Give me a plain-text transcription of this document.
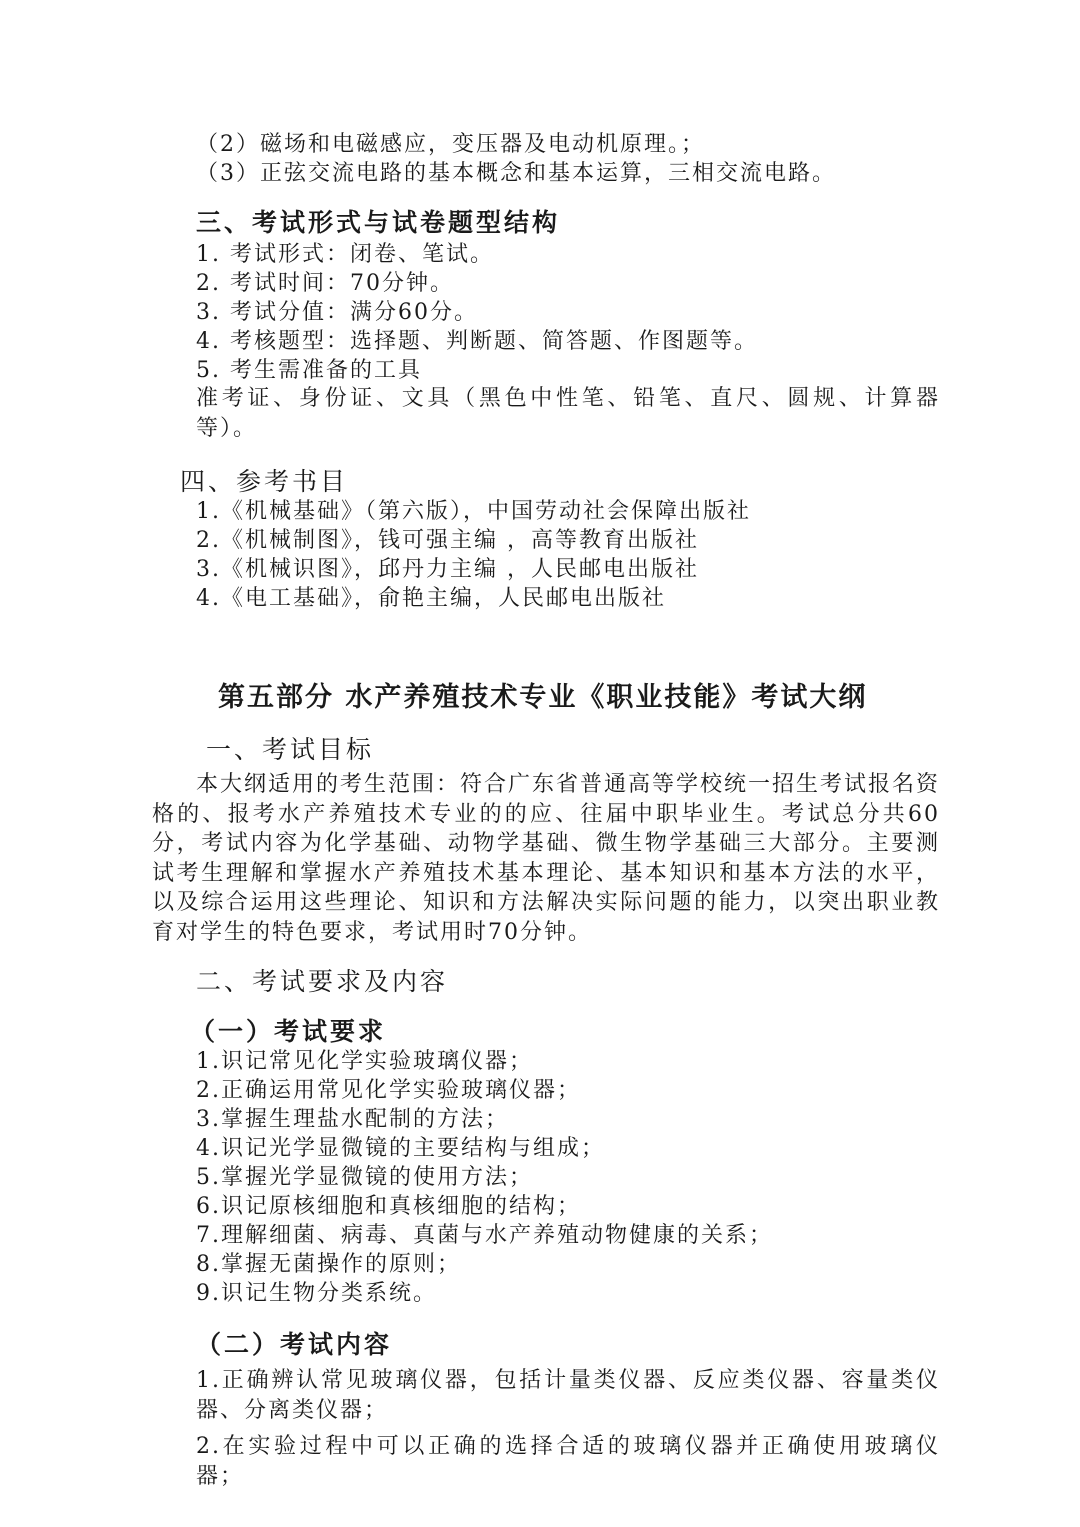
（2）磁场和电磁感应，变压器及电动机原理。；
（3）正弦交流电路的基本概念和基本运算，三相交流电路。
三、考试形式与试卷题型结构
1. 考试形式：闭卷、笔试。
2. 考试时间：70分钟。
3. 考试分值：满分60分。
4. 考核题型：选择题、判断题、简答题、作图题等。
5. 考生需准备的工具
准考证、身份证、文具（黑色中性笔、铅笔、直尺、圆规、计算器等）。
四、参考书目
1.《机械基础》（第六版），中国劳动社会保障出版社
2.《机械制图》，钱可强主编 ，高等教育出版社
3.《机械识图》，邱丹力主编 ，人民邮电出版社
4.《电工基础》，俞艳主编，人民邮电出版社
第五部分 水产养殖技术专业《职业技能》考试大纲
一、考试目标
本大纲适用的考生范围：符合广东省普通高等学校统一招生考试报名资格的、报考水产养殖技术专业的的应、往届中职毕业生。考试总分共60分，考试内容为化学基础、动物学基础、微生物学基础三大部分。主要测试考生理解和掌握水产养殖技术基本理论、基本知识和基本方法的水平，以及综合运用这些理论、知识和方法解决实际问题的能力，以突出职业教育对学生的特色要求，考试用时70分钟。
二、考试要求及内容
（一）考试要求
1.识记常见化学实验玻璃仪器；
2.正确运用常见化学实验玻璃仪器；
3.掌握生理盐水配制的方法；
4.识记光学显微镜的主要结构与组成；
5.掌握光学显微镜的使用方法；
6.识记原核细胞和真核细胞的结构；
7.理解细菌、病毒、真菌与水产养殖动物健康的关系；
8.掌握无菌操作的原则；
9.识记生物分类系统。
（二）考试内容
1.正确辨认常见玻璃仪器，包括计量类仪器、反应类仪器、容量类仪器、分离类仪器；
2.在实验过程中可以正确的选择合适的玻璃仪器并正确使用玻璃仪器；
